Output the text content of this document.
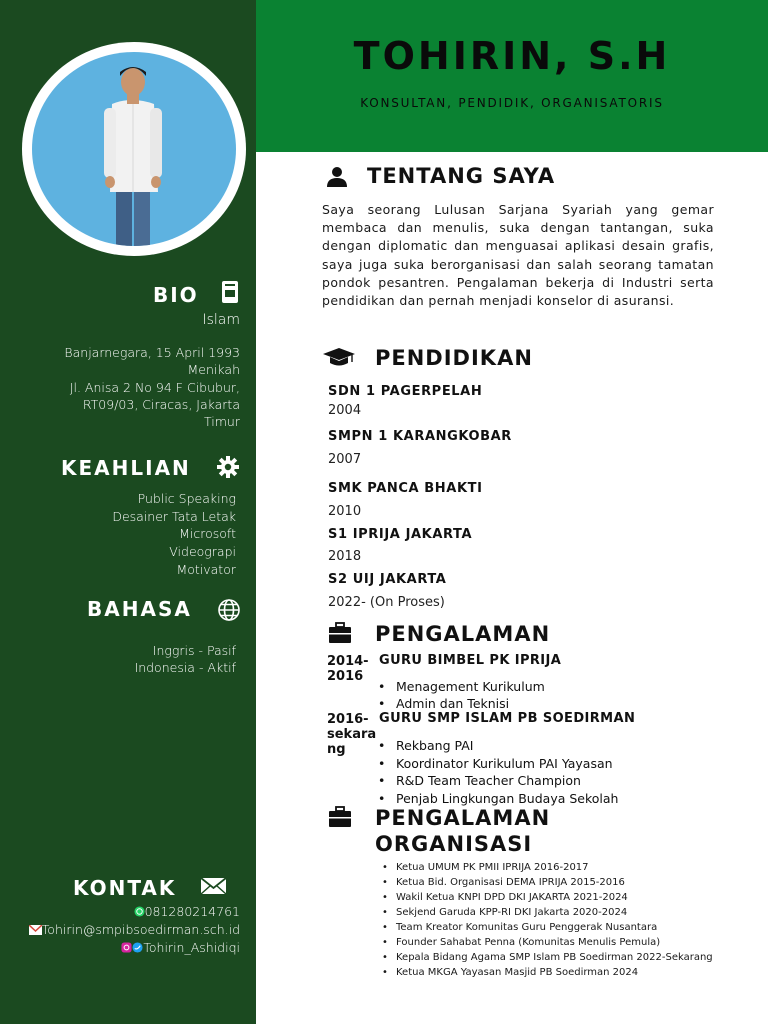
BIO
Islam
Banjarnegara, 15 April 1993
Menikah
Jl. Anisa 2 No 94 F Cibubur,
RT09/03, Ciracas, Jakarta
Timur
KEAHLIAN
Public Speaking
Desainer Tata Letak
Microsoft
Videograpi
Motivator
BAHASA
Inggris - Pasif
Indonesia - Aktif
KONTAK
081280214761
Tohirin@smpibsoedirman.sch.id
Tohirin_Ashidiqi
TOHIRIN, S.H
KONSULTAN, PENDIDIK, ORGANISATORIS
TENTANG SAYA
Saya seorang Lulusan Sarjana Syariah yang gemar membaca dan menulis, suka dengan tantangan, suka dengan diplomatic dan menguasai aplikasi desain grafis, saya juga suka berorganisasi dan salah seorang tamatan pondok pesantren. Pengalaman bekerja di Industri serta pendidikan dan pernah menjadi konselor di asuransi.
PENDIDIKAN
SDN 1 PAGERPELAH
2004
SMPN 1 KARANGKOBAR
2007
SMK PANCA BHAKTI
2010
S1 IPRIJA JAKARTA
2018
S2 UIJ JAKARTA
2022- (On Proses)
PENGALAMAN
2014-
2016
GURU BIMBEL PK IPRIJA
• Menagement Kurikulum
• Admin dan Teknisi
2016-
sekara
ng
GURU SMP ISLAM PB SOEDIRMAN
• Rekbang PAI
• Koordinator Kurikulum PAI Yayasan
• R&D Team Teacher Champion
• Penjab Lingkungan Budaya Sekolah
PENGALAMAN
ORGANISASI
• Ketua UMUM PK PMII IPRIJA 2016-2017
• Ketua Bid. Organisasi DEMA IPRIJA 2015-2016
• Wakil Ketua KNPI DPD DKI JAKARTA 2021-2024
• Sekjend Garuda KPP-RI DKI Jakarta 2020-2024
• Team Kreator Komunitas Guru Penggerak Nusantara
• Founder Sahabat Penna (Komunitas Menulis Pemula)
• Kepala Bidang Agama SMP Islam PB Soedirman 2022-Sekarang
• Ketua MKGA Yayasan Masjid PB Soedirman 2024
